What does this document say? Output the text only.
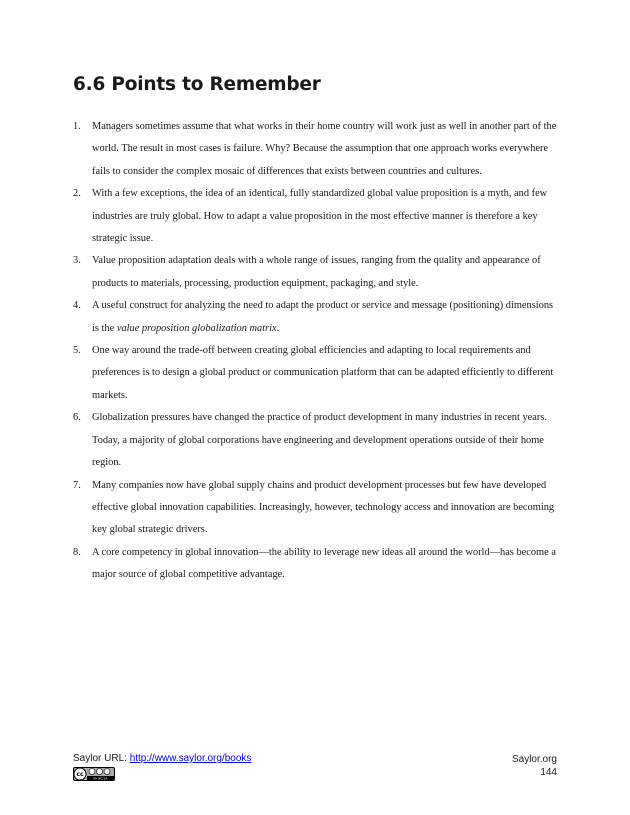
6.6 Points to Remember
1. Managers sometimes assume that what works in their home country will work just as well in another part of the world. The result in most cases is failure. Why? Because the assumption that one approach works everywhere fails to consider the complex mosaic of differences that exists between countries and cultures.
2. With a few exceptions, the idea of an identical, fully standardized global value proposition is a myth, and few industries are truly global. How to adapt a value proposition in the most effective manner is therefore a key strategic issue.
3. Value proposition adaptation deals with a whole range of issues, ranging from the quality and appearance of products to materials, processing, production equipment, packaging, and style.
4. A useful construct for analyzing the need to adapt the product or service and message (positioning) dimensions is the value proposition globalization matrix.
5. One way around the trade-off between creating global efficiencies and adapting to local requirements and preferences is to design a global product or communication platform that can be adapted efficiently to different markets.
6. Globalization pressures have changed the practice of product development in many industries in recent years. Today, a majority of global corporations have engineering and development operations outside of their home region.
7. Many companies now have global supply chains and product development processes but few have developed effective global innovation capabilities. Increasingly, however, technology access and innovation are becoming key global strategic drivers.
8. A core competency in global innovation—the ability to leverage new ideas all around the world—has become a major source of global competitive advantage.
Saylor URL: http://www.saylor.org/books
cc
BY NC SA
Saylor.org
144
